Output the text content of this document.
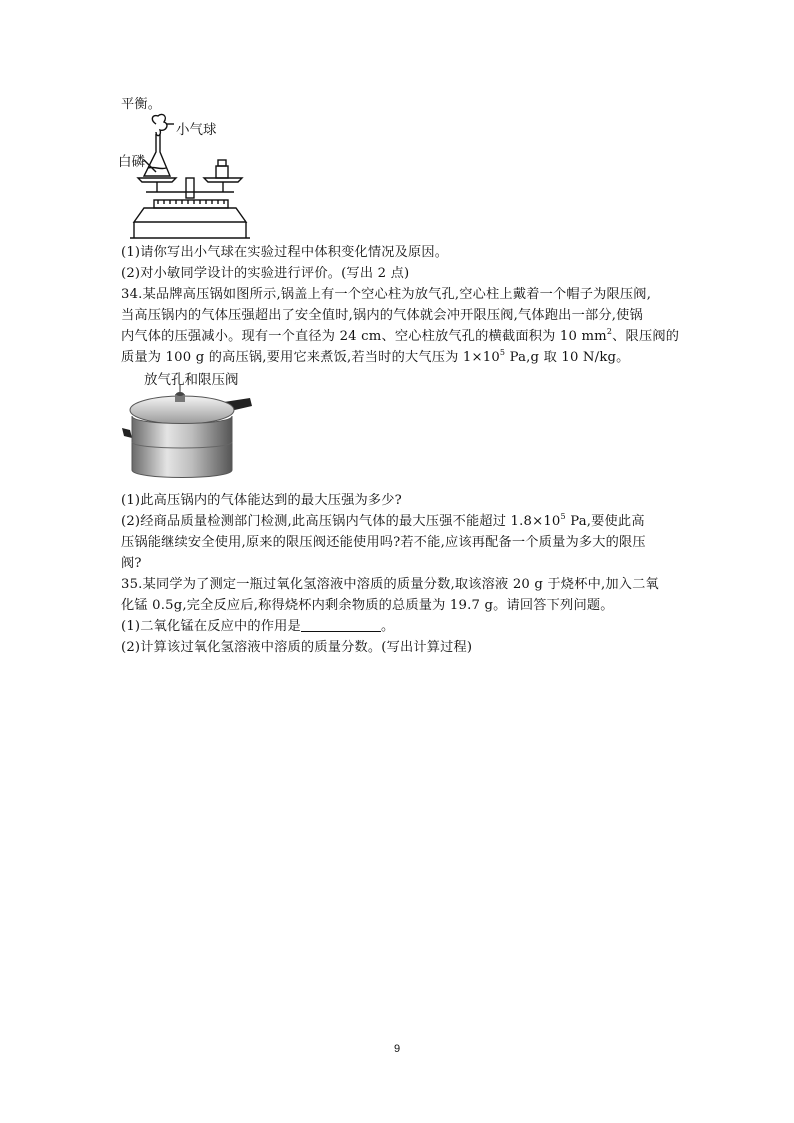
平衡。
小气球
白磷
(1)请你写出小气球在实验过程中体积变化情况及原因。
(2)对小敏同学设计的实验进行评价。(写出 2 点)
34.某品牌高压锅如图所示,锅盖上有一个空心柱为放气孔,空心柱上戴着一个帽子为限压阀,
当高压锅内的气体压强超出了安全值时,锅内的气体就会冲开限压阀,气体跑出一部分,使锅
内气体的压强减小。现有一个直径为 24 cm、空心柱放气孔的横截面积为 10 $mm^2$、限压阀的
质量为 100 g 的高压锅,要用它来煮饭,若当时的大气压为 $1\times 10^5$ Pa,g 取 10 N/kg。
放气孔和限压阀
(1)此高压锅内的气体能达到的最大压强为多少?
(2)经商品质量检测部门检测,此高压锅内气体的最大压强不能超过 $1.8\times 10^5$ Pa,要使此高
压锅能继续安全使用,原来的限压阀还能使用吗?若不能,应该再配备一个质量为多大的限压
阀?
35.某同学为了测定一瓶过氧化氢溶液中溶质的质量分数,取该溶液 20 g 于烧杯中,加入二氧
化锰 0.5g,完全反应后,称得烧杯内剩余物质的总质量为 19.7 g。请回答下列问题。
(1)二氧化锰在反应中的作用是	。
(2)计算该过氧化氢溶液中溶质的质量分数。(写出计算过程)
9
